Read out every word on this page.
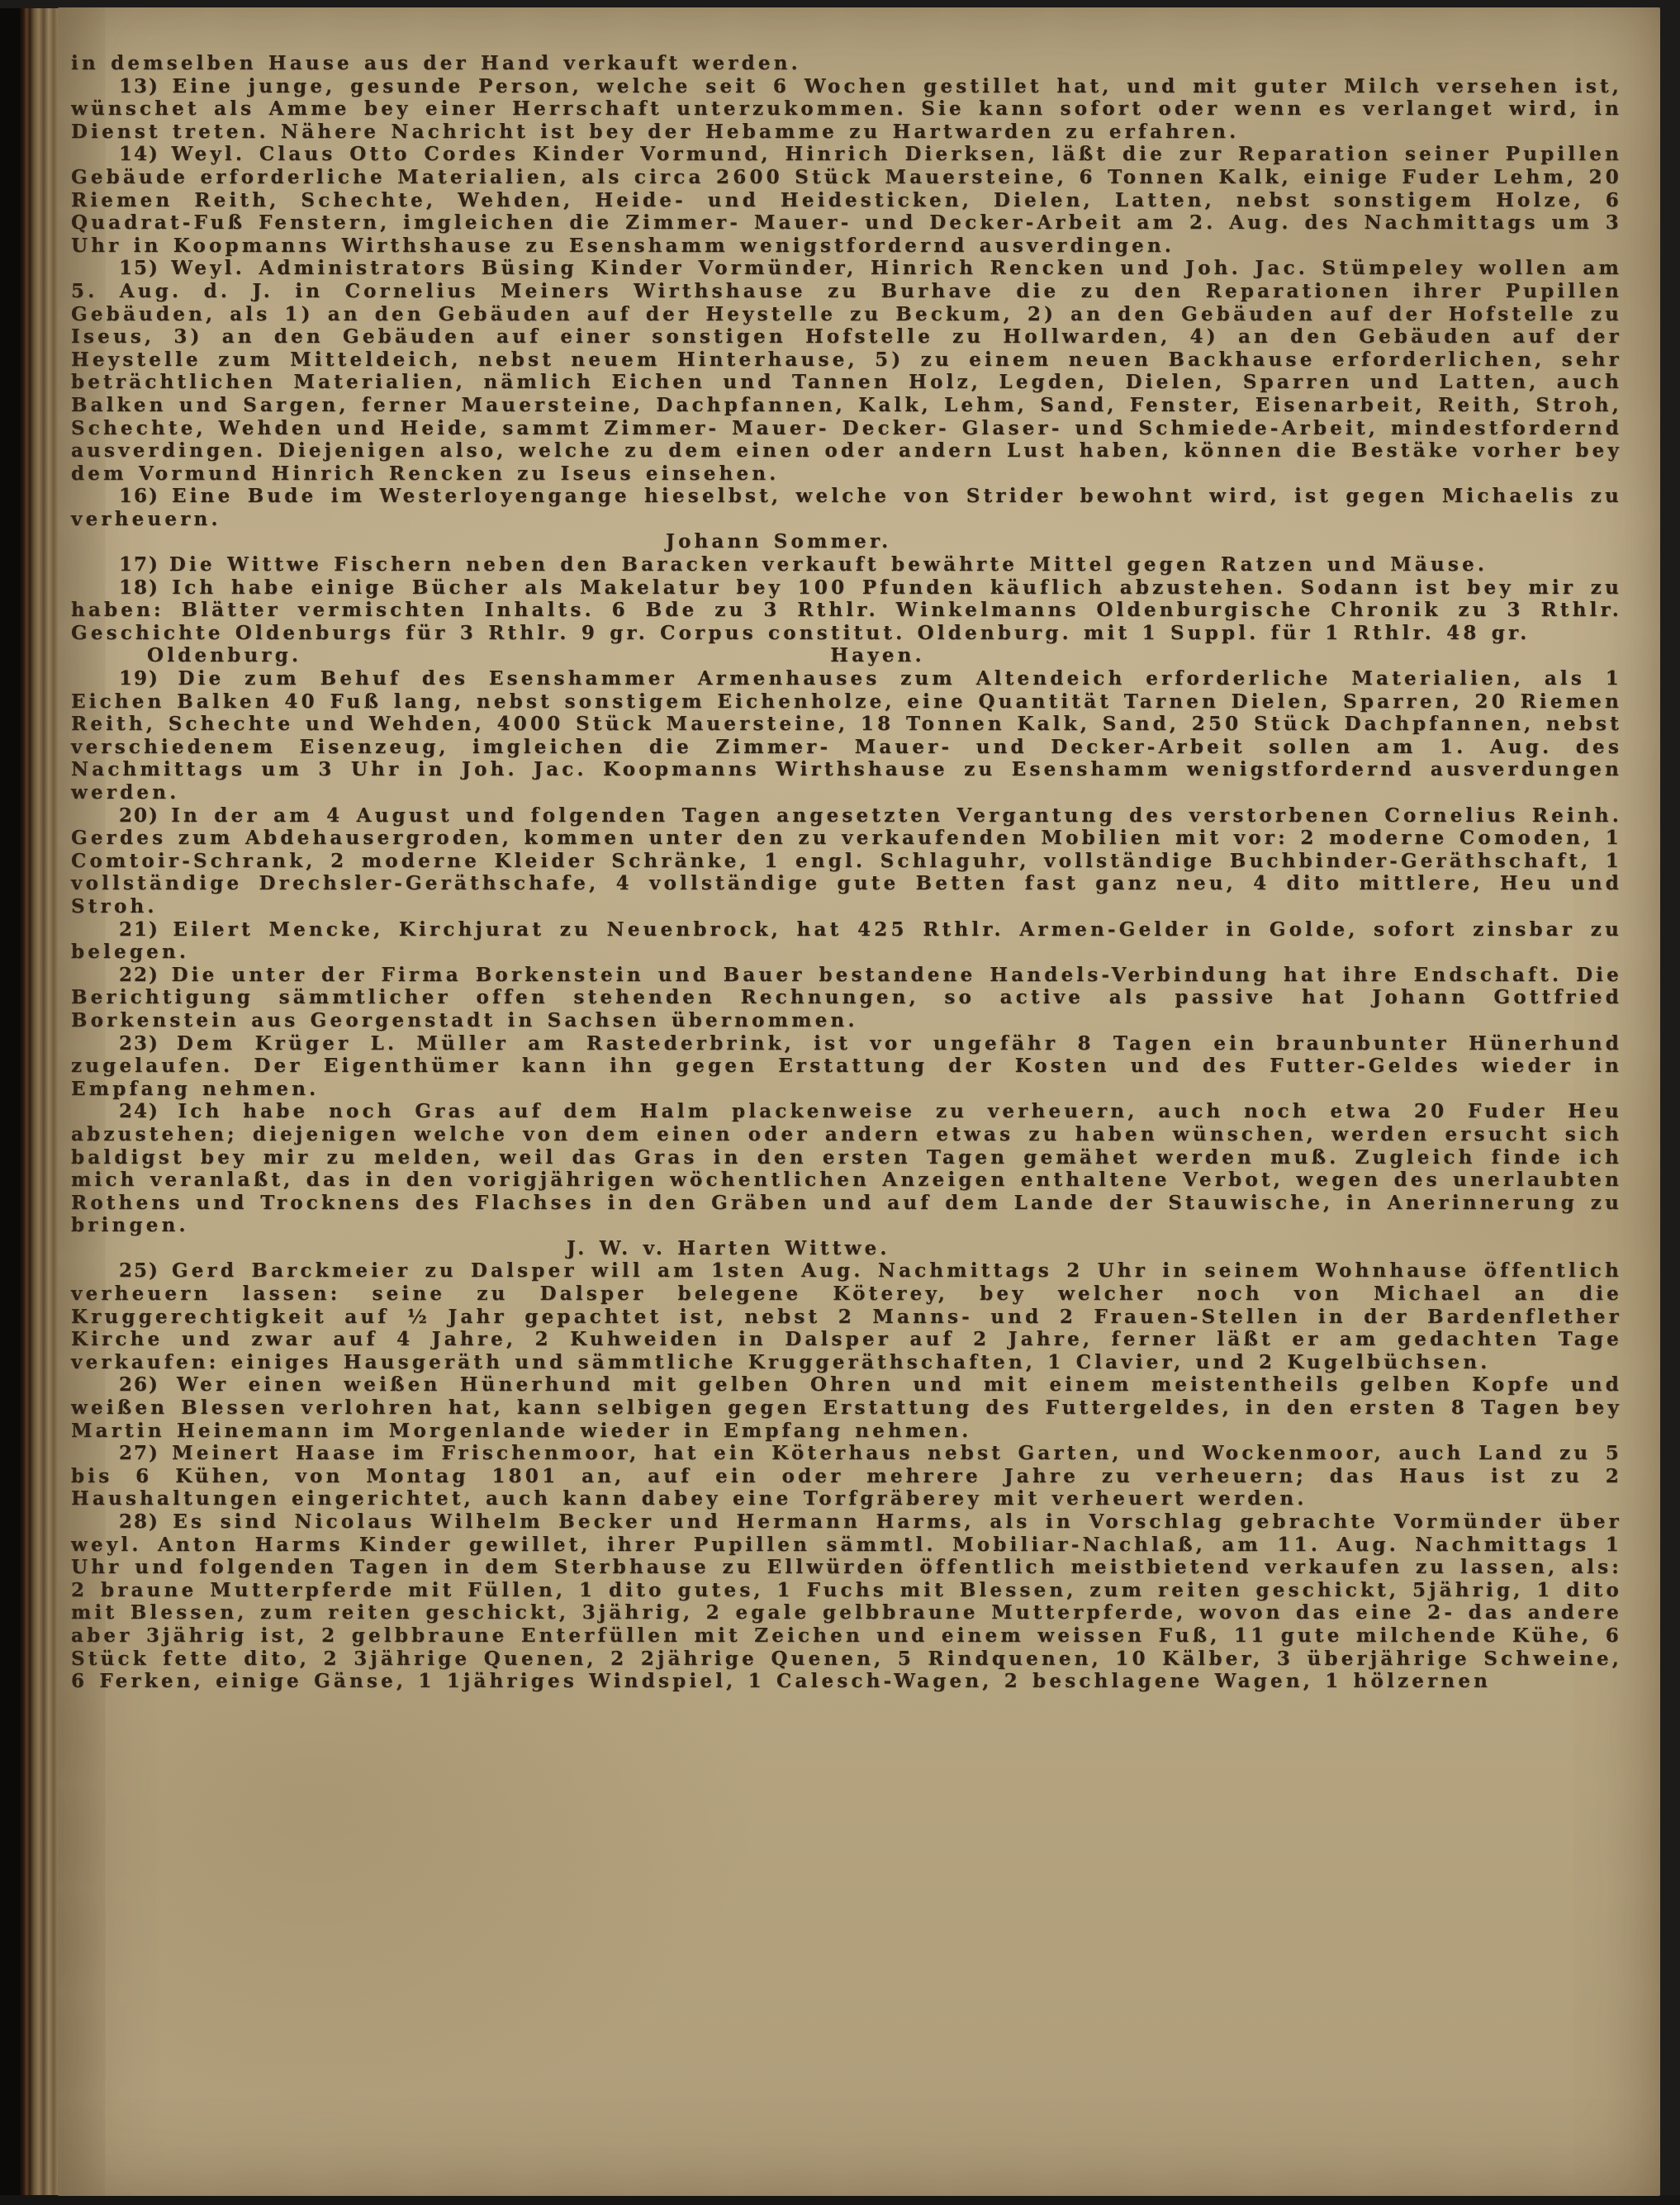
in demselben Hause aus der Hand verkauft werden.

13) Eine junge, gesunde Person, welche seit 6 Wochen gestillet hat, und mit guter Milch versehen ist, wünschet als Amme bey einer Herrschaft unterzukommen. Sie kann sofort oder wenn es verlanget wird, in Dienst treten. Nähere Nachricht ist bey der Hebamme zu Hartwarden zu erfahren.

14) Weyl. Claus Otto Cordes Kinder Vormund, Hinrich Dierksen, läßt die zur Reparation seiner Pupillen Gebäude erforderliche Materialien, als circa 2600 Stück Mauersteine, 6 Tonnen Kalk, einige Fuder Lehm, 20 Riemen Reith, Schechte, Wehden, Heide- und Heidesticken, Dielen, Latten, nebst sonstigem Holze, 6 Quadrat-Fuß Fenstern, imgleichen die Zimmer- Mauer- und Decker-Arbeit am 2. Aug. des Nachmittags um 3 Uhr in Koopmanns Wirthshause zu Esenshamm wenigstfordernd ausverdingen.

15) Weyl. Administrators Büsing Kinder Vormünder, Hinrich Rencken und Joh. Jac. Stümpeley wollen am 5. Aug. d. J. in Cornelius Meiners Wirthshause zu Burhave die zu den Reparationen ihrer Pupillen Gebäuden, als 1) an den Gebäuden auf der Heystelle zu Beckum, 2) an den Gebäuden auf der Hofstelle zu Iseus, 3) an den Gebäuden auf einer sonstigen Hofstelle zu Hollwarden, 4) an den Gebäuden auf der Heystelle zum Mitteldeich, nebst neuem Hinterhause, 5) zu einem neuen Backhause erforderlichen, sehr beträchtlichen Materialien, nämlich Eichen und Tannen Holz, Legden, Dielen, Sparren und Latten, auch Balken und Sargen, ferner Mauersteine, Dachpfannen, Kalk, Lehm, Sand, Fenster, Eisenarbeit, Reith, Stroh, Schechte, Wehden und Heide, sammt Zimmer- Mauer- Decker- Glaser- und Schmiede-Arbeit, mindestfordernd ausverdingen. Diejenigen also, welche zu dem einen oder andern Lust haben, können die Bestäke vorher bey dem Vormund Hinrich Rencken zu Iseus einsehen.

16) Eine Bude im Westerloyengange hieselbst, welche von Strider bewohnt wird, ist gegen Michaelis zu verheuern.

Johann Sommer.

17) Die Wittwe Fischern neben den Baracken verkauft bewährte Mittel gegen Ratzen und Mäuse.

18) Ich habe einige Bücher als Makelatur bey 100 Pfunden käuflich abzustehen. Sodann ist bey mir zu haben: Blätter vermischten Inhalts. 6 Bde zu 3 Rthlr. Winkelmanns Oldenburgische Chronik zu 3 Rthlr. Geschichte Oldenburgs für 3 Rthlr. 9 gr. Corpus constitut. Oldenburg. mit 1 Suppl. für 1 Rthlr. 48 gr.

Oldenburg.	Hayen.

19) Die zum Behuf des Esenshammer Armenhauses zum Altendeich erforderliche Materialien, als 1 Eichen Balken 40 Fuß lang, nebst sonstigem Eichenholze, eine Quantität Tarnen Dielen, Sparren, 20 Riemen Reith, Schechte und Wehden, 4000 Stück Mauersteine, 18 Tonnen Kalk, Sand, 250 Stück Dachpfannen, nebst verschiedenem Eisenzeug, imgleichen die Zimmer- Mauer- und Decker-Arbeit sollen am 1. Aug. des Nachmittags um 3 Uhr in Joh. Jac. Koopmanns Wirthshause zu Esenshamm wenigstfordernd ausverdungen werden.

20) In der am 4 August und folgenden Tagen angesetzten Vergantung des verstorbenen Cornelius Reinh. Gerdes zum Abdehausergroden, kommen unter den zu verkaufenden Mobilien mit vor: 2 moderne Comoden, 1 Comtoir-Schrank, 2 moderne Kleider Schränke, 1 engl. Schlaguhr, vollständige Buchbinder-Geräthschaft, 1 vollständige Drechsler-Geräthschafe, 4 vollständige gute Betten fast ganz neu, 4 dito mittlere, Heu und Stroh.

21) Eilert Mencke, Kirchjurat zu Neuenbrock, hat 425 Rthlr. Armen-Gelder in Golde, sofort zinsbar zu belegen.

22) Die unter der Firma Borkenstein und Bauer bestandene Handels-Verbindung hat ihre Endschaft. Die Berichtigung sämmtlicher offen stehenden Rechnungen, so active als passive hat Johann Gottfried Borkenstein aus Georgenstadt in Sachsen übernommen.

23) Dem Krüger L. Müller am Rastederbrink, ist vor ungefähr 8 Tagen ein braunbunter Hünerhund zugelaufen. Der Eigenthümer kann ihn gegen Erstattung der Kosten und des Futter-Geldes wieder in Empfang nehmen.

24) Ich habe noch Gras auf dem Halm plackenweise zu verheuern, auch noch etwa 20 Fuder Heu abzustehen; diejenigen welche von dem einen oder andern etwas zu haben wünschen, werden ersucht sich baldigst bey mir zu melden, weil das Gras in den ersten Tagen gemähet werden muß. Zugleich finde ich mich veranlaßt, das in den vorigjährigen wöchentlichen Anzeigen enthaltene Verbot, wegen des unerlaubten Rothens und Trocknens des Flachses in den Gräben und auf dem Lande der Stauwische, in Anerinnerung zu bringen.

J. W. v. Harten Wittwe.

25) Gerd Barckmeier zu Dalsper will am 1sten Aug. Nachmittags 2 Uhr in seinem Wohnhause öffentlich verheuern lassen: seine zu Dalsper belegene Köterey, bey welcher noch von Michael an die Kruggerechtigkeit auf ½ Jahr gepachtet ist, nebst 2 Manns- und 2 Frauen-Stellen in der Bardenflether Kirche und zwar auf 4 Jahre, 2 Kuhweiden in Dalsper auf 2 Jahre, ferner läßt er am gedachten Tage verkaufen: einiges Hausgeräth und sämmtliche Kruggeräthschaften, 1 Clavier, und 2 Kugelbüchsen.

26) Wer einen weißen Hünerhund mit gelben Ohren und mit einem meistentheils gelben Kopfe und weißen Blessen verlohren hat, kann selbigen gegen Erstattung des Futtergeldes, in den ersten 8 Tagen bey Martin Heinemann im Morgenlande wieder in Empfang nehmen.

27) Meinert Haase im Frischenmoor, hat ein Köterhaus nebst Garten, und Wockenmoor, auch Land zu 5 bis 6 Kühen, von Montag 1801 an, auf ein oder mehrere Jahre zu verheuern; das Haus ist zu 2 Haushaltungen eingerichtet, auch kann dabey eine Torfgräberey mit verheuert werden.

28) Es sind Nicolaus Wilhelm Becker und Hermann Harms, als in Vorschlag gebrachte Vormünder über weyl. Anton Harms Kinder gewillet, ihrer Pupillen sämmtl. Mobiliar-Nachlaß, am 11. Aug. Nachmittags 1 Uhr und folgenden Tagen in dem Sterbhause zu Ellwürden öffentlich meistbietend verkaufen zu lassen, als: 2 braune Mutterpferde mit Füllen, 1 dito gutes, 1 Fuchs mit Blessen, zum reiten geschickt, 5jährig, 1 dito mit Blessen, zum reiten geschickt, 3jährig, 2 egale gelbbraune Mutterpferde, wovon das eine 2- das andere aber 3jährig ist, 2 gelbbraune Enterfüllen mit Zeichen und einem weissen Fuß, 11 gute milchende Kühe, 6 Stück fette dito, 2 3jährige Quenen, 2 2jährige Quenen, 5 Rindquenen, 10 Kälber, 3 überjährige Schweine, 6 Ferken, einige Gänse, 1 1jähriges Windspiel, 1 Calesch-Wagen, 2 beschlagene Wagen, 1 hölzernen
